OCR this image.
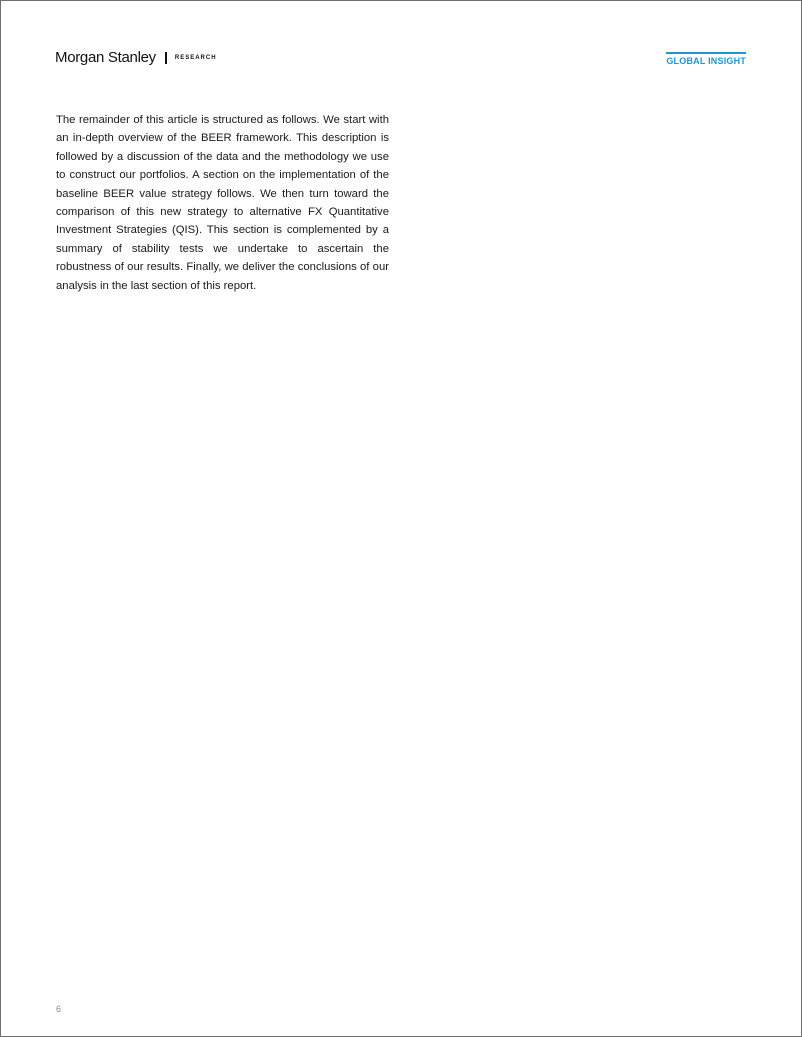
Morgan Stanley	RESEARCH	GLOBAL INSIGHT

The remainder of this article is structured as follows. We start with an in-depth overview of the BEER framework. This description is followed by a discussion of the data and the methodology we use to construct our portfolios. A section on the implementation of the baseline BEER value strategy follows. We then turn toward the comparison of this new strategy to alternative FX Quantitative Investment Strategies (QIS). This section is complemented by a summary of stability tests we undertake to ascertain the robustness of our results. Finally, we deliver the conclusions of our analysis in the last section of this report.

6
